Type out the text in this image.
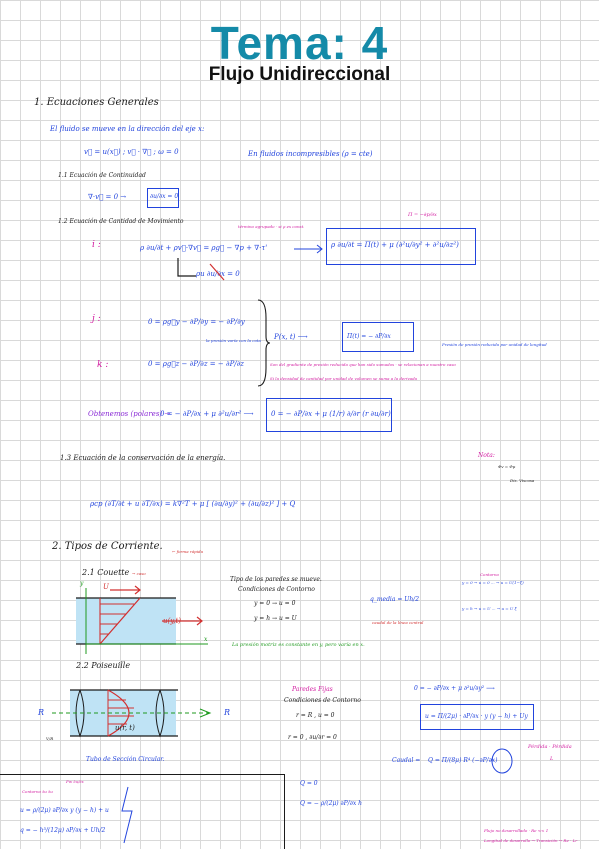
Tema: 4
Flujo Unidireccional
1. Ecuaciones Generales
El fluido se mueve en la dirección del eje x:
v⃗ = u(x⃗) ; v⃗ · ∇⃗ ; ω = 0	En fluidos incompresibles (ρ = cte)
1.1 Ecuación de Continuidad
∇·v⃗ = 0 →	∂u/∂x = 0
1.2 Ecuación de Cantidad de Movimiento
término agrupado · si ρ es const.
i :	ρ ∂u/∂t + ρv⃗·∇v⃗ = ρg⃗ − ∇p + ∇·τ'
ρu ∂u/∂x = 0
ρ ∂u/∂t = Π(t) + μ (∂²u/∂y² + ∂²u/∂z²)
Π = −∂p/∂x
j :	0 = ρg⃗y − ∂P/∂y = − ∂P/∂y
la presión varía con la cota
k :	0 = ρg⃗z − ∂P/∂z = − ∂P/∂z
P(x, t) ⟶	Π(t) = − ∂P/∂x
Son del gradiente de presión reducida que han sido sumados · se relacionan a nuestro caso
Si la densidad de cantidad por unidad de volumen se suma a la derivada
Presión de presión reducida por unidad de longitud
Obtenemos (polares) →
0 = − ∂P/∂x + μ ∂²u/∂r² ⟶ 0 = − ∂P/∂x + μ (1/r) ∂/∂r (r ∂u/∂r)
1.3 Ecuación de la conservación de la energía.
ρcp (∂T/∂t + u ∂T/∂x) = k∇²T + μ [ (∂u/∂y)² + (∂u/∂z)² ] + Q
Nota:
Φv = Φμ
Dis. Viscosa
2. Tipos de Corriente. ← forma rápida
2.1 Couette → caso
U
u(y,t)
y
x
Tipo de los paredes se mueve.
Condiciones de Contorno
y = 0 → u = 0
y = h → u = U
q_media = Uh/2
caudal de la línea central
La presión motriz es constante en y, pero varía en x.
Contorno
y = 0 → u = 0 ... → u = U(1−ξ)
y = h → u = U ... → u = U ξ
2.2 Poiseuille
u(r, t)
R	R
V/R
Tubo de Sección Circular.
Paredes Fijas
Condiciones de Contorno
r = R , u = 0
r = 0 , ∂u/∂r = 0
0 = − ∂P/∂x + μ ∂²u/∂y² ⟶
u = Π/(2μ) · ∂P/∂x · y (y − h) + Uy
Caudal = Q = Π/(8μ) R⁴ (−∂P/∂x)
Pérdida · Pérdida
L
Pw ∂u/∂x
Contorno ∂u ∂u
u = ρ/(2μ) ∂P/∂x y (y − h) + u
q = − h³/(12μ) ∂P/∂x + Uh/2
Q = 0
Q = − ρ/(2μ) ∂P/∂x h
Flujo no desarrollado · Re << 1
Longitud de desarrollo → Transición → Re · Lr
